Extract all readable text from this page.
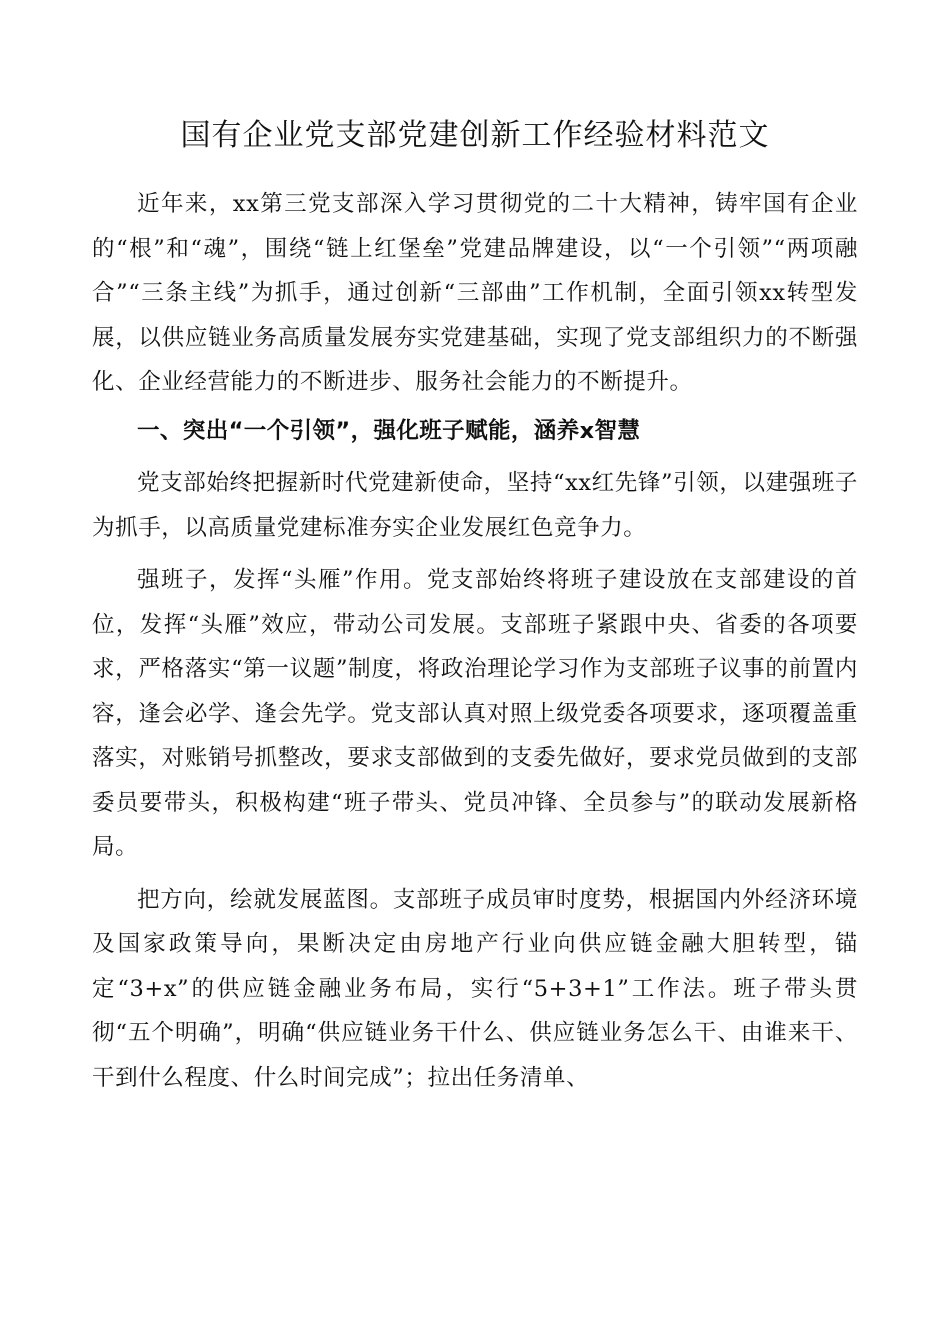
国有企业党支部党建创新工作经验材料范文

近年来，xx第三党支部深入学习贯彻党的二十大精神，铸牢国有企业的“根”和“魂”，围绕“链上红堡垒”党建品牌建设，以“一个引领”“两项融合”“三条主线”为抓手，通过创新“三部曲”工作机制，全面引领xx转型发展，以供应链业务高质量发展夯实党建基础，实现了党支部组织力的不断强化、企业经营能力的不断进步、服务社会能力的不断提升。

一、突出“一个引领”，强化班子赋能，涵养x智慧

党支部始终把握新时代党建新使命，坚持“xx红先锋”引领，以建强班子为抓手，以高质量党建标准夯实企业发展红色竞争力。

强班子，发挥“头雁”作用。党支部始终将班子建设放在支部建设的首位，发挥“头雁”效应，带动公司发展。支部班子紧跟中央、省委的各项要求，严格落实“第一议题”制度，将政治理论学习作为支部班子议事的前置内容，逢会必学、逢会先学。党支部认真对照上级党委各项要求，逐项覆盖重落实，对账销号抓整改，要求支部做到的支委先做好，要求党员做到的支部委员要带头，积极构建“班子带头、党员冲锋、全员参与”的联动发展新格局。

把方向，绘就发展蓝图。支部班子成员审时度势，根据国内外经济环境及国家政策导向，果断决定由房地产行业向供应链金融大胆转型，锚定“3+x”的供应链金融业务布局，实行“5+3+1”工作法。班子带头贯彻“五个明确”，明确“供应链业务干什么、供应链业务怎么干、由谁来干、干到什么程度、什么时间完成”；拉出任务清单、
